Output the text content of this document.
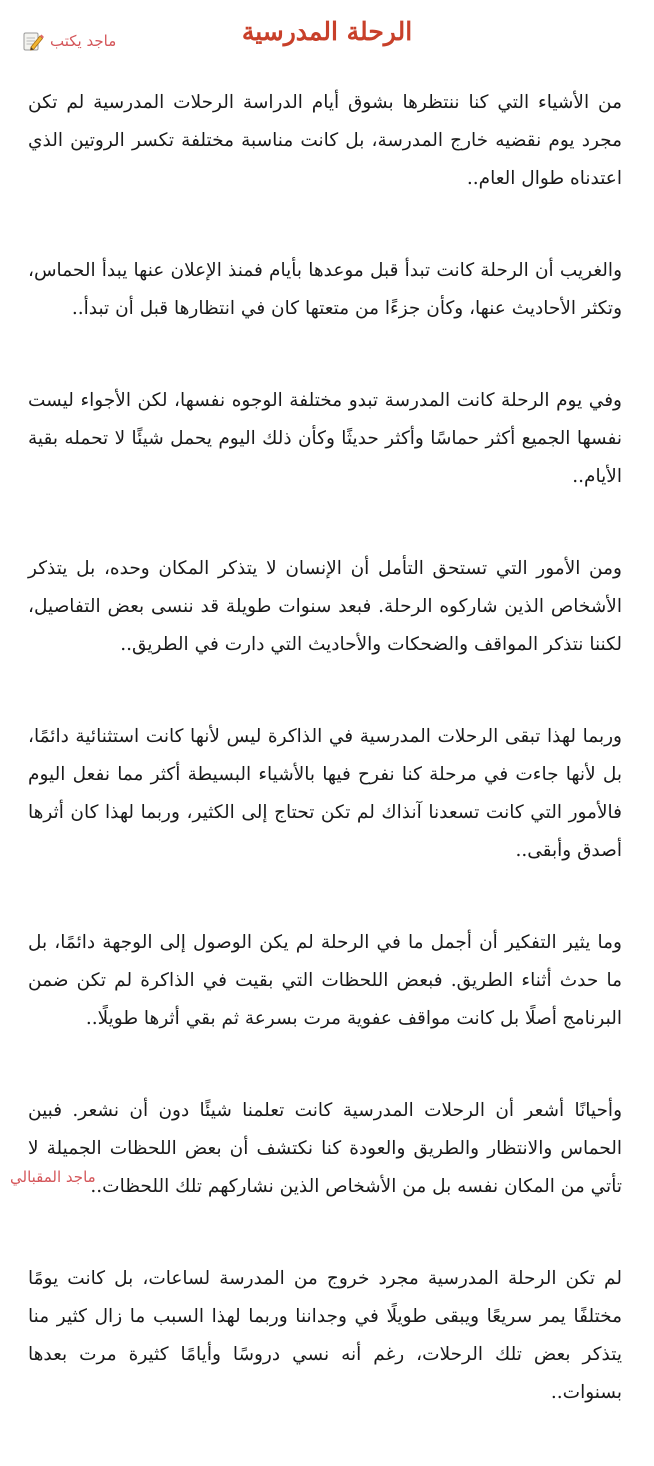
الرحلة المدرسية
ماجد يكتب

من الأشياء التي كنا ننتظرها بشوق أيام الدراسة الرحلات المدرسية لم تكن مجرد يوم نقضيه خارج المدرسة، بل كانت مناسبة مختلفة تكسر الروتين الذي اعتدناه طوال العام..

والغريب أن الرحلة كانت تبدأ قبل موعدها بأيام فمنذ الإعلان عنها يبدأ الحماس، وتكثر الأحاديث عنها، وكأن جزءًا من متعتها كان في انتظارها قبل أن تبدأ..

وفي يوم الرحلة كانت المدرسة تبدو مختلفة الوجوه نفسها، لكن الأجواء ليست نفسها الجميع أكثر حماسًا وأكثر حديثًا وكأن ذلك اليوم يحمل شيئًا لا تحمله بقية الأيام..

ومن الأمور التي تستحق التأمل أن الإنسان لا يتذكر المكان وحده، بل يتذكر الأشخاص الذين شاركوه الرحلة. فبعد سنوات طويلة قد ننسى بعض التفاصيل، لكننا نتذكر المواقف والضحكات والأحاديث التي دارت في الطريق..

وربما لهذا تبقى الرحلات المدرسية في الذاكرة ليس لأنها كانت استثنائية دائمًا، بل لأنها جاءت في مرحلة كنا نفرح فيها بالأشياء البسيطة أكثر مما نفعل اليوم فالأمور التي كانت تسعدنا آنذاك لم تكن تحتاج إلى الكثير، وربما لهذا كان أثرها أصدق وأبقى..

وما يثير التفكير أن أجمل ما في الرحلة لم يكن الوصول إلى الوجهة دائمًا، بل ما حدث أثناء الطريق. فبعض اللحظات التي بقيت في الذاكرة لم تكن ضمن البرنامج أصلًا بل كانت مواقف عفوية مرت بسرعة ثم بقي أثرها طويلًا..

وأحيانًا أشعر أن الرحلات المدرسية كانت تعلمنا شيئًا دون أن نشعر. فبين الحماس والانتظار والطريق والعودة كنا نكتشف أن بعض اللحظات الجميلة لا تأتي من المكان نفسه بل من الأشخاص الذين نشاركهم تلك اللحظات..

لم تكن الرحلة المدرسية مجرد خروج من المدرسة لساعات، بل كانت يومًا مختلفًا يمر سريعًا ويبقى طويلًا في وجداننا وربما لهذا السبب ما زال كثير منا يتذكر بعض تلك الرحلات، رغم أنه نسي دروسًا وأيامًا كثيرة مرت بعدها بسنوات..

ماجد المقبالي
